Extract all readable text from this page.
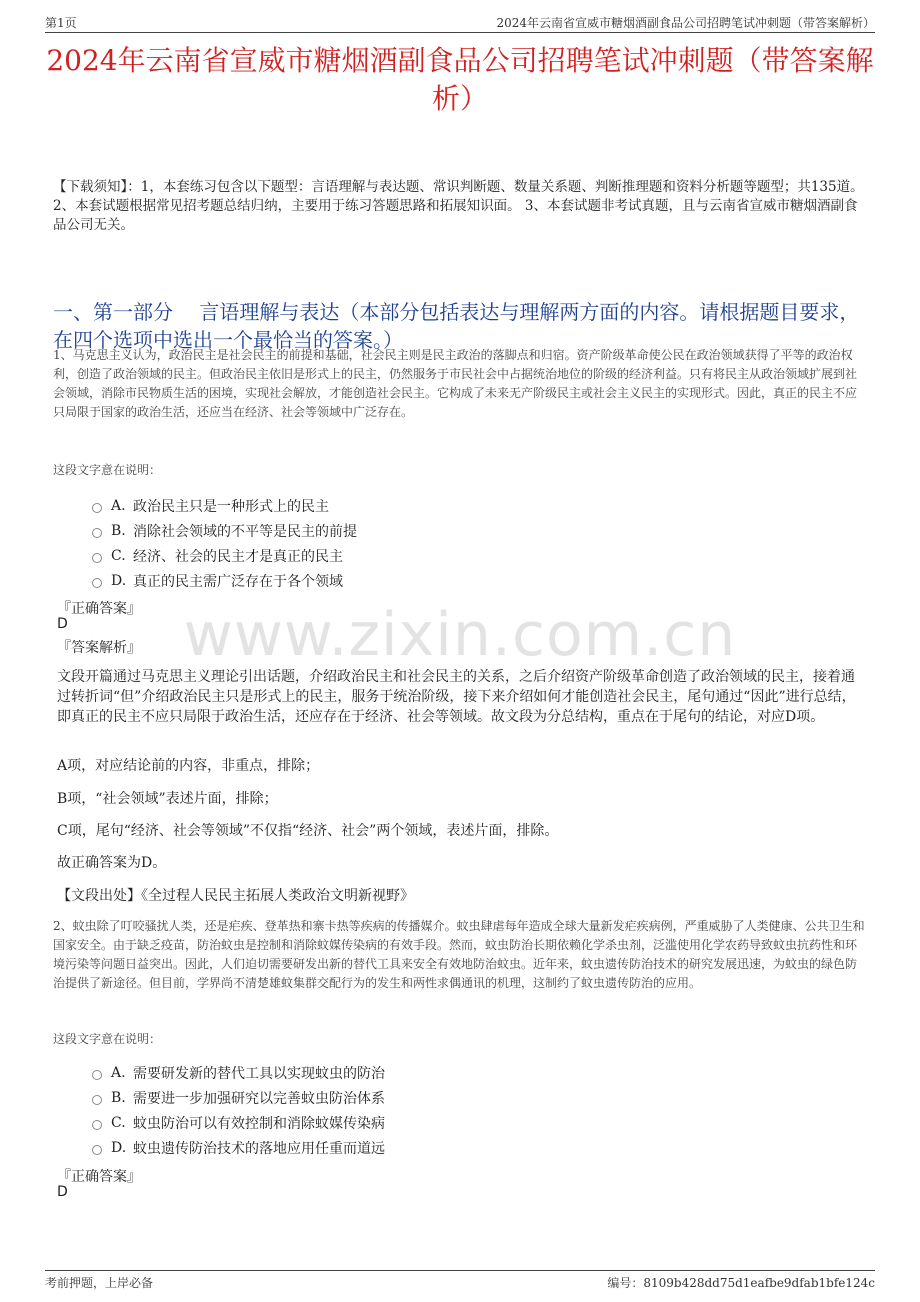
第1页	2024年云南省宣威市糖烟酒副食品公司招聘笔试冲刺题（带答案解析）
2024年云南省宣威市糖烟酒副食品公司招聘笔试冲刺题（带答案解析）
【下载须知】：1，本套练习包含以下题型：言语理解与表达题、常识判断题、数量关系题、判断推理题和资料分析题等题型；共135道。 2、本套试题根据常见招考题总结归纳，主要用于练习答题思路和拓展知识面。 3、本套试题非考试真题，且与云南省宣威市糖烟酒副食品公司无关。
一、第一部分　 言语理解与表达（本部分包括表达与理解两方面的内容。请根据题目要求，在四个选项中选出一个最恰当的答案。）
1、马克思主义认为，政治民主是社会民主的前提和基础，社会民主则是民主政治的落脚点和归宿。资产阶级革命使公民在政治领域获得了平等的政治权利，创造了政治领域的民主。但政治民主依旧是形式上的民主，仍然服务于市民社会中占据统治地位的阶级的经济利益。只有将民主从政治领域扩展到社会领域，消除市民物质生活的困境，实现社会解放，才能创造社会民主。它构成了未来无产阶级民主或社会主义民主的实现形式。因此，真正的民主不应只局限于国家的政治生活，还应当在经济、社会等领域中广泛存在。
这段文字意在说明：
A. 政治民主只是一种形式上的民主
B. 消除社会领域的不平等是民主的前提
C. 经济、社会的民主才是真正的民主
D. 真正的民主需广泛存在于各个领域
『正确答案』
D
『答案解析』 www.zixin.com.cn
文段开篇通过马克思主义理论引出话题，介绍政治民主和社会民主的关系，之后介绍资产阶级革命创造了政治领域的民主，接着通过转折词“但”介绍政治民主只是形式上的民主，服务于统治阶级，接下来介绍如何才能创造社会民主，尾句通过“因此”进行总结，即真正的民主不应只局限于政治生活，还应存在于经济、社会等领域。故文段为分总结构，重点在于尾句的结论，对应D项。
A项，对应结论前的内容，非重点，排除；
B项，“社会领域”表述片面，排除；
C项，尾句“经济、社会等领域”不仅指“经济、社会”两个领域，表述片面，排除。
故正确答案为D。
【文段出处】《全过程人民民主拓展人类政治文明新视野》
2、蚊虫除了叮咬骚扰人类，还是疟疾、登革热和寨卡热等疾病的传播媒介。蚊虫肆虐每年造成全球大量新发疟疾病例，严重威胁了人类健康、公共卫生和国家安全。由于缺乏疫苗，防治蚊虫是控制和消除蚊媒传染病的有效手段。然而，蚊虫防治长期依赖化学杀虫剂，泛滥使用化学农药导致蚊虫抗药性和环境污染等问题日益突出。因此，人们迫切需要研发出新的替代工具来安全有效地防治蚊虫。近年来，蚊虫遗传防治技术的研究发展迅速，为蚊虫的绿色防治提供了新途径。但目前，学界尚不清楚雄蚊集群交配行为的发生和两性求偶通讯的机理，这制约了蚊虫遗传防治的应用。
这段文字意在说明：
A. 需要研发新的替代工具以实现蚊虫的防治
B. 需要进一步加强研究以完善蚊虫防治体系
C. 蚊虫防治可以有效控制和消除蚊媒传染病
D. 蚊虫遗传防治技术的落地应用任重而道远
『正确答案』
D
考前押题，上岸必备	编号：8109b428dd75d1eafbe9dfab1bfe124c
